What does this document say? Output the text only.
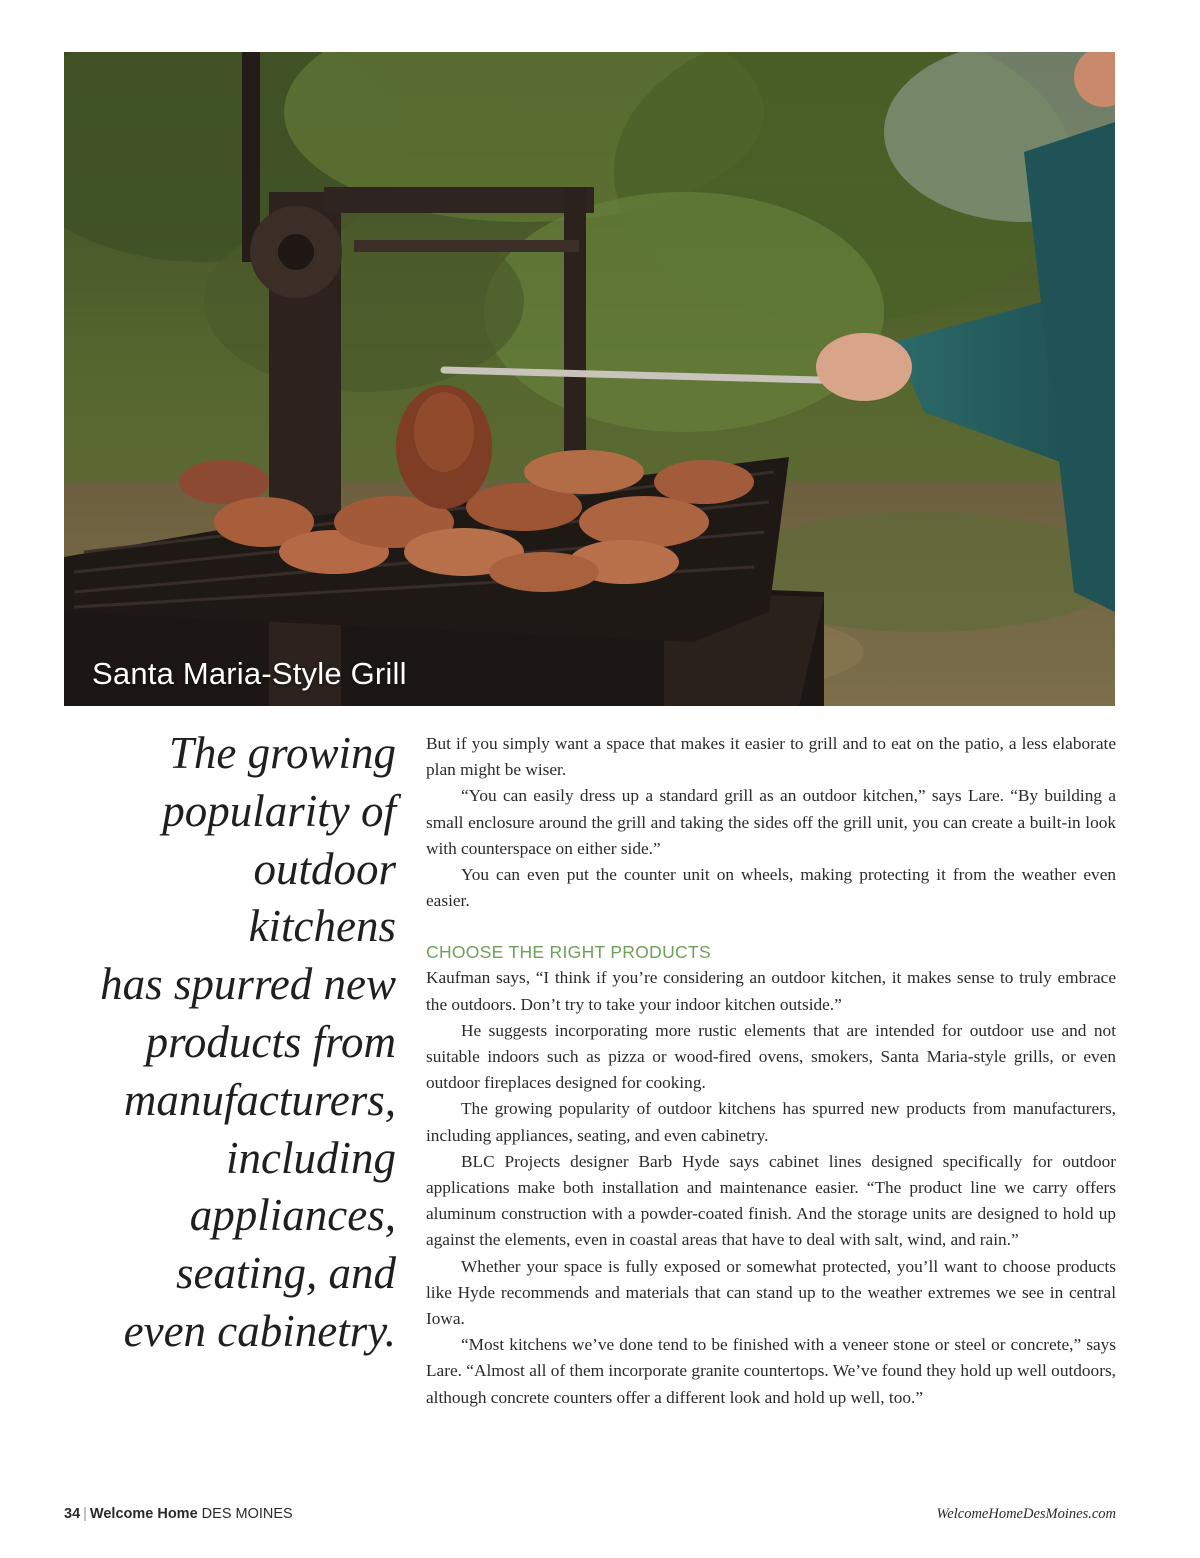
Santa Maria-Style Grill
The growing
popularity of
outdoor kitchens
has spurred new
products from
manufacturers,
including
appliances,
seating, and
even cabinetry.

But if you simply want a space that makes it easier to grill and to eat on the patio, a less elaborate plan might be wiser.

“You can easily dress up a standard grill as an outdoor kitchen,” says Lare. “By building a small enclosure around the grill and taking the sides off the grill unit, you can create a built-in look with counterspace on either side.”

You can even put the counter unit on wheels, making protecting it from the weather even easier.

CHOOSE THE RIGHT PRODUCTS

Kaufman says, “I think if you’re considering an outdoor kitchen, it makes sense to truly embrace the outdoors. Don’t try to take your indoor kitchen outside.”

He suggests incorporating more rustic elements that are intended for outdoor use and not suitable indoors such as pizza or wood-fired ovens, smokers, Santa Maria-style grills, or even outdoor fireplaces designed for cooking.

The growing popularity of outdoor kitchens has spurred new products from manufacturers, including appliances, seating, and even cabinetry.

BLC Projects designer Barb Hyde says cabinet lines designed specifically for outdoor applications make both installation and maintenance easier. “The product line we carry offers aluminum construction with a powder-coated finish. And the storage units are designed to hold up against the elements, even in coastal areas that have to deal with salt, wind, and rain.”

Whether your space is fully exposed or somewhat protected, you’ll want to choose products like Hyde recommends and materials that can stand up to the weather extremes we see in central Iowa.

“Most kitchens we’ve done tend to be finished with a veneer stone or steel or concrete,” says Lare. “Almost all of them incorporate granite countertops. We’ve found they hold up well outdoors, although concrete counters offer a different look and hold up well, too.”

34 | Welcome Home DES MOINES	WelcomeHomeDesMoines.com
